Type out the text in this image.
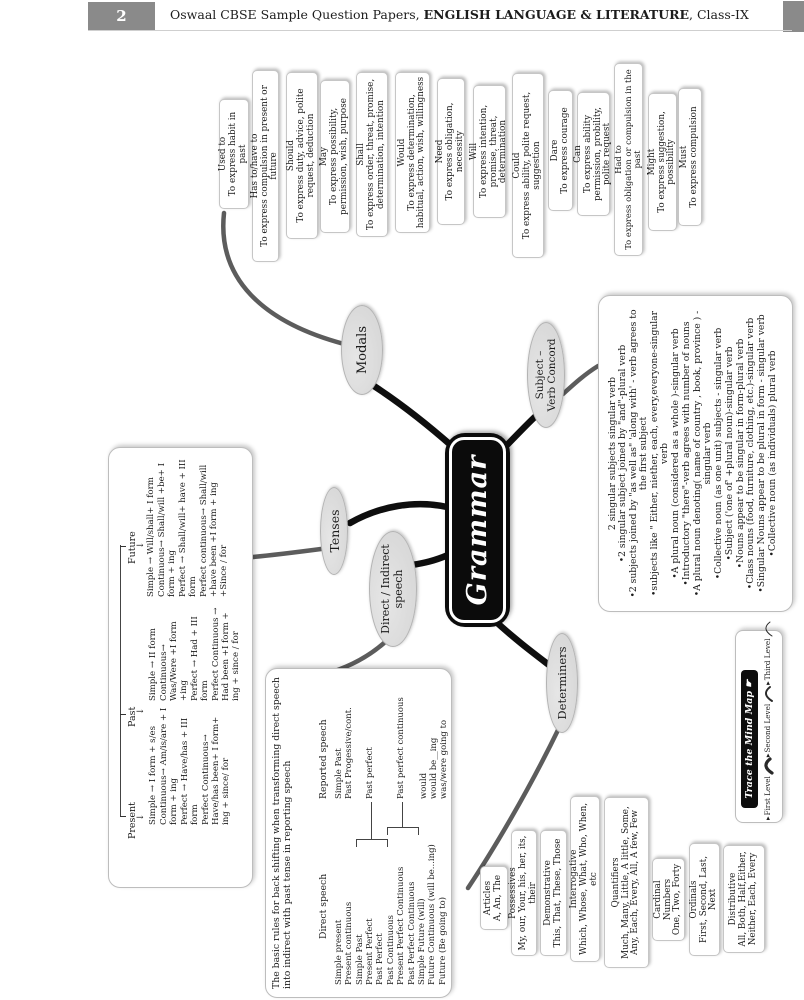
2	Oswaal CBSE Sample Question Papers, ENGLISH LANGUAGE & LITERATURE, Class-IX
Grammar
Modals
Tenses
Subject – Verb Concord
Direct / Indirect speech
Determiners
Used to To express habit in past Has to/have to To express compulsion in present or future Should To express duty, advice, polite request, deduction May To express possibility, permission, wish, purpose Shall To express order, threat, promise, determination, intention Would To express determination, habitual, action, wish, willingness Need To express obligation, necessity Will To express intention, promise, threat, determination Could To express ability, polite request, suggestion Dare To express courage Can To express ability permission, probility, polite request Had to To express obligation or compulsion in the past Might To express suggestion, possibility Must To express compulsion
2 singular subjects singular verb •2 singular subject joined by "and"-plural verb •2 subjects joined by "as well as" 'along with' - verb agrees to the first subject •subjects like " Either, niether, each, every,everyone-singular verb •A plural noun (considered as a whole )-singular verb •Introductory "there"-verb agrees with number of nouns •A plural noun denoting( name of country , book, province ) -singular verb •Collective noun (as one unit) subjects - singular verb •Subject ('one of' +plural noun)-singular verb •Nouns appear to be singular in form-plural verb •Class nouns (food, furniture, clothing, etc.)-singular verb •Singular Nouns appear to be plural in form - singular verb •Collective noun (as individuals) plural verb
Present
Past
Future
↓
↓
↓
Simple → I form + s/es Continuous→ Am/is/are + I form + ing Perfect → Have/has + III form Perfect Continuous→ Have/has been+ I form+ ing + since/ for
Simple → II form Continuous→ Was/Were +I form +ing Perfect → Had + III form Perfect Continuous → Had been +I form + ing + since / for
Simple → Will/shall+ I form Continuous→ Shall/will +be+ I form + ing Perfect → Shall/will+ have + III form Perfect continuous→ Shall/will +have been +I form + ing +Since / for
The basic rules for back shifting when transforming direct speech into indirect with past tense in reporting speech	Direct speech
Reported speech
Simple present Present continuous Simple Past Present Perfect Past Perfect Past Continuous Present Perfect Continuous Past Perfect Continuous Simple Future (will) Future Continuous (will be...ing) Future (Be going to)
Simple Past Past Progessive/cont. Past perfect Past perfect continuous would would be__ing was/were going to
Articles A, An, The Possessives My, our, Your, his, her, its, their Demonstrative This, That, These, Those Interrogative Which, Whose, What, Who, When, etc Quantifiers Much, Many, Little, A little, Some, Any, Each, Every, All, A few, Few Cardinal Numbers One, Two, Forty Ordinals First, Second, Last, Next Distributive All, Both, Half,Either, Neither, Each, Every
Trace the Mind Map
☛
▸
First Level
▸
Second Level
▸
Third Level
